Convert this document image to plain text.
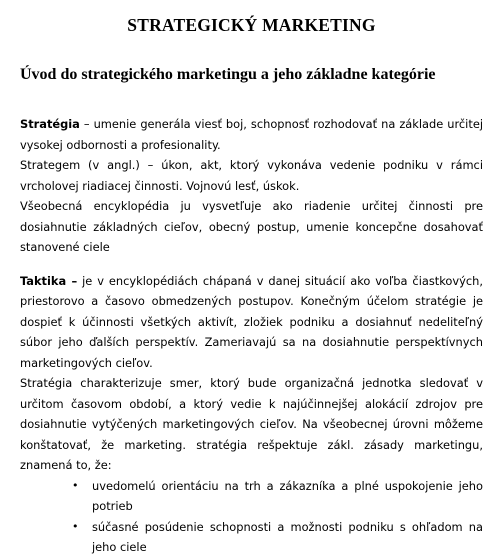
STRATEGICKÝ MARKETING
Úvod do strategického marketingu a jeho základne kategórie

Stratégia – umenie generála viesť boj, schopnosť rozhodovať na základe určitej vysokej odbornosti a profesionality.

Strategem (v angl.) – úkon, akt, ktorý vykonáva vedenie podniku v rámci vrcholovej riadiacej činnosti. Vojnovú lesť, úskok.

Všeobecná encyklopédia ju vysvetľuje ako riadenie určitej činnosti pre dosiahnutie základných cieľov, obecný postup, umenie koncepčne dosahovať stanovené ciele

Taktika – je v encyklopédiách chápaná v danej situácií ako voľba čiastkových, priestorovo a časovo obmedzených postupov. Konečným účelom stratégie je dospieť k účinnosti všetkých aktivít, zložiek podniku a dosiahnuť nedeliteľný súbor jeho ďalších perspektív. Zameriavajú sa na dosiahnutie perspektívnych marketingových cieľov.

Stratégia charakterizuje smer, ktorý bude organizačná jednotka sledovať v určitom časovom období, a ktorý vedie k najúčinnejšej alokácií zdrojov pre dosiahnutie vytýčených marketingových cieľov. Na všeobecnej úrovni môžeme konštatovať, že marketing. stratégia rešpektuje zákl. zásady marketingu, znamená to, že:

• uvedomelú orientáciu na trh a zákazníka a plné uspokojenie jeho potrieb
• súčasné posúdenie schopnosti a možnosti podniku s ohľadom na jeho ciele
